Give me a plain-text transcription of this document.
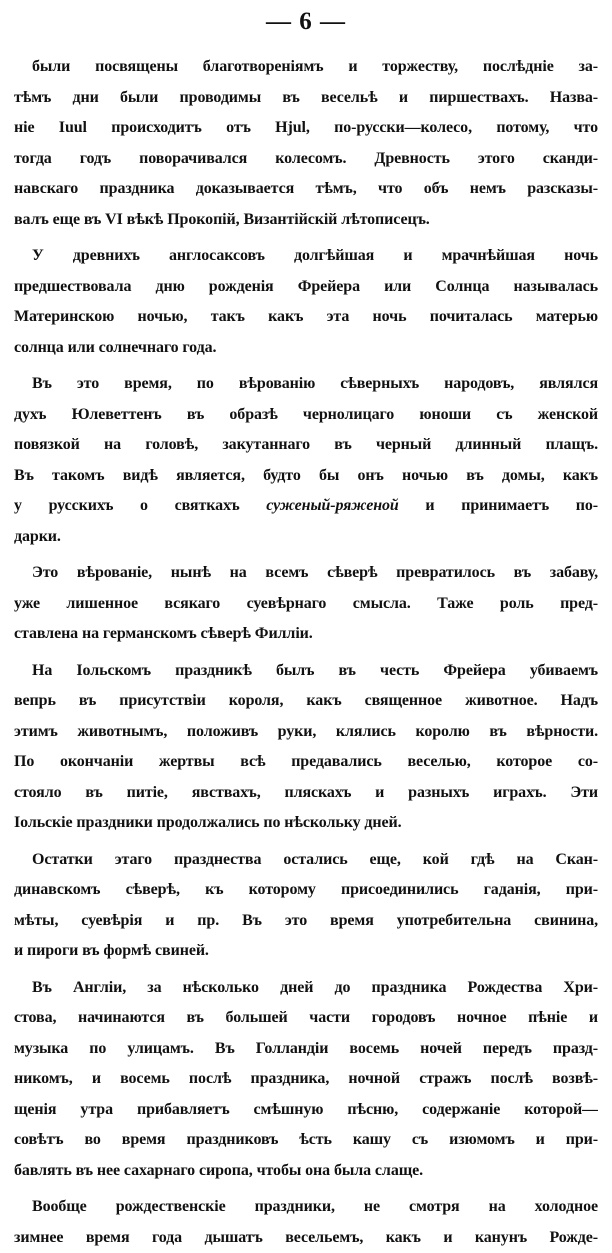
— 6 —
были посвящены благотвореніямъ и торжеству, послѣдніе за-
тѣмъ дни были проводимы въ весельѣ и пиршествахъ. Назва-
ніе Iuul происходитъ отъ Hjul, по-русски—колесо, потому, что
тогда годъ поворачивался колесомъ. Древность этого сканди-
навскаго праздника доказывается тѣмъ, что объ немъ разсказы-
валъ еще въ VI вѣкѣ Прокопій, Византійскій лѣтописецъ.
У древнихъ англосаксовъ долгѣйшая и мрачнѣйшая ночь
предшествовала дню рожденія Фрейера или Солнца называлась
Материнскою ночью, такъ какъ эта ночь почиталась матерью
солнца или солнечнаго года.
Въ это время, по вѣрованію сѣверныхъ народовъ, являлся
духъ Юлеветтенъ въ образѣ чернолицаго юноши съ женской
повязкой на головѣ, закутаннаго въ черный длинный плащъ.
Въ такомъ видѣ является, будто бы онъ ночью въ домы, какъ
у русскихъ о святкахъ суженый-ряженой и принимаетъ по-
дарки.
Это вѣрованіе, нынѣ на всемъ сѣверѣ превратилось въ забаву,
уже лишенное всякаго суевѣрнаго смысла. Таже роль пред-
ставлена на германскомъ сѣверѣ Филліи.
На Іольскомъ праздникѣ былъ въ честь Фрейера убиваемъ
вепрь въ присутствіи короля, какъ священное животное. Надъ
этимъ животнымъ, положивъ руки, клялись королю въ вѣрности.
По окончаніи жертвы всѣ предавались веселью, которое со-
стояло въ питіе, явствахъ, пляскахъ и разныхъ играхъ. Эти
Іольскіе праздники продолжались по нѣскольку дней.
Остатки этаго празднества остались еще, кой гдѣ на Скан-
динавскомъ сѣверѣ, къ которому присоединились гаданія, при-
мѣты, суевѣрія и пр. Въ это время употребительна свинина,
и пироги въ формѣ свиней.
Въ Англіи, за нѣсколько дней до праздника Рождества Хри-
стова, начинаются въ большей части городовъ ночное пѣніе и
музыка по улицамъ. Въ Голландіи восемь ночей передъ празд-
никомъ, и восемь послѣ праздника, ночной стражъ послѣ возвѣ-
щенія утра прибавляетъ смѣшную пѣсню, содержаніе которой—
совѣтъ во время праздниковъ ѣсть кашу съ изюмомъ и при-
бавлять въ нее сахарнаго сиропа, чтобы она была слаще.
Вообще рождественскіе праздники, не смотря на холодное
зимнее время года дышатъ весельемъ, какъ и канунъ Рожде-
